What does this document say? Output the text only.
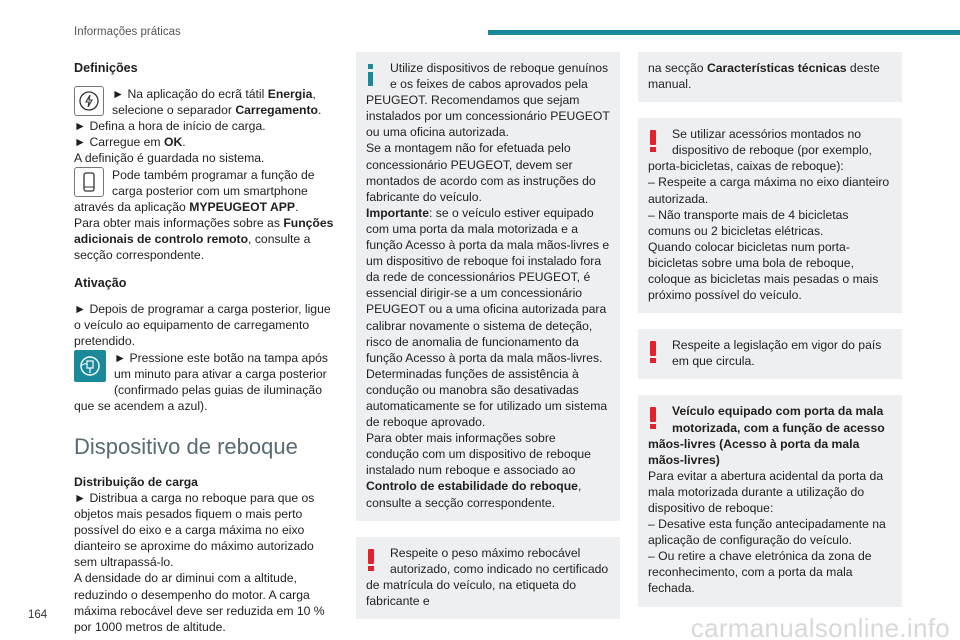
Informações práticas
Definições

► Na aplicação do ecrã tátil Energia, selecione o separador Carregamento.

► Defina a hora de início de carga.

► Carregue em OK.

A definição é guardada no sistema.

Pode também programar a função de carga posterior com um smartphone através da aplicação MYPEUGEOT APP.

Para obter mais informações sobre as Funções adicionais de controlo remoto, consulte a secção correspondente.

Ativação

► Depois de programar a carga posterior, ligue o veículo ao equipamento de carregamento pretendido.

► Pressione este botão na tampa após um minuto para ativar a carga posterior (confirmado pelas guias de iluminação que se acendem a azul).

Dispositivo de reboque
Distribuição de carga

► Distribua a carga no reboque para que os objetos mais pesados fiquem o mais perto possível do eixo e a carga máxima no eixo dianteiro se aproxime do máximo autorizado sem ultrapassá-lo.

A densidade do ar diminui com a altitude, reduzindo o desempenho do motor. A carga máxima rebocável deve ser reduzida em 10 % por 1000 metros de altitude.

Utilize dispositivos de reboque genuínos e os feixes de cabos aprovados pela PEUGEOT. Recomendamos que sejam instalados por um concessionário PEUGEOT ou uma oficina autorizada.

Se a montagem não for efetuada pelo concessionário PEUGEOT, devem ser montados de acordo com as instruções do fabricante do veículo.

Importante: se o veículo estiver equipado com uma porta da mala motorizada e a função Acesso à porta da mala mãos-livres e um dispositivo de reboque foi instalado fora da rede de concessionários PEUGEOT, é essencial dirigir-se a um concessionário PEUGEOT ou a uma oficina autorizada para calibrar novamente o sistema de deteção, risco de anomalia de funcionamento da função Acesso à porta da mala mãos-livres.

Determinadas funções de assistência à condução ou manobra são desativadas automaticamente se for utilizado um sistema de reboque aprovado.

Para obter mais informações sobre condução com um dispositivo de reboque instalado num reboque e associado ao Controlo de estabilidade do reboque, consulte a secção correspondente.

Respeite o peso máximo rebocável autorizado, como indicado no certificado de matrícula do veículo, na etiqueta do fabricante e

na secção Características técnicas deste manual.

Se utilizar acessórios montados no dispositivo de reboque (por exemplo, porta-bicicletas, caixas de reboque):

– Respeite a carga máxima no eixo dianteiro autorizada.

– Não transporte mais de 4 bicicletas comuns ou 2 bicicletas elétricas.

Quando colocar bicicletas num porta-bicicletas sobre uma bola de reboque, coloque as bicicletas mais pesadas o mais próximo possível do veículo.

Respeite a legislação em vigor do país em que circula.

Veículo equipado com porta da mala motorizada, com a função de acesso mãos-livres (Acesso à porta da mala mãos-livres)

Para evitar a abertura acidental da porta da mala motorizada durante a utilização do dispositivo de reboque:

– Desative esta função antecipadamente na aplicação de configuração do veículo.

– Ou retire a chave eletrónica da zona de reconhecimento, com a porta da mala fechada.

164	carmanualsonline.info
